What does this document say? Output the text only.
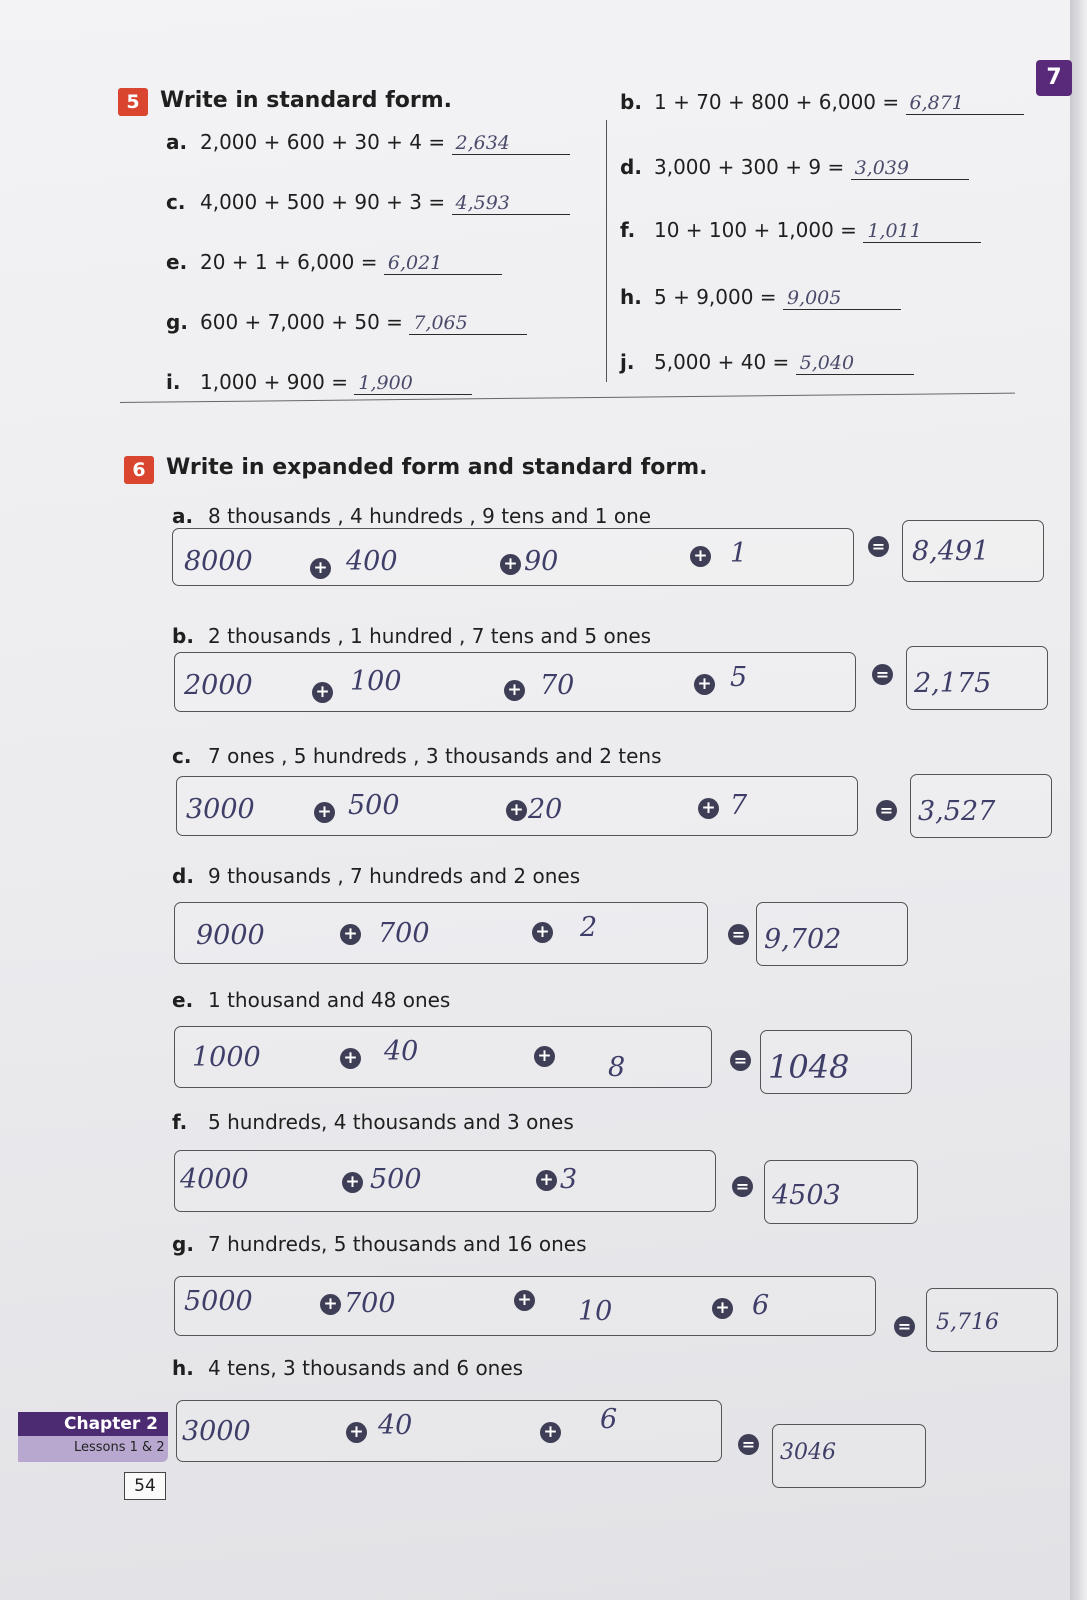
7
5 Write in standard form.
a. 2,000 + 600 + 30 + 4 = 2,634
b. 1 + 70 + 800 + 6,000 = 6,871
c. 4,000 + 500 + 90 + 3 = 4,593
d. 3,000 + 300 + 9 = 3,039
e. 20 + 1 + 6,000 = 6,021
f. 10 + 100 + 1,000 = 1,011
g. 600 + 7,000 + 50 = 7,065
h. 5 + 9,000 = 9,005
i. 1,000 + 900 = 1,900
j. 5,000 + 40 = 5,040
6 Write in expanded form and standard form.
a. 8 thousands , 4 hundreds , 9 tens and 1 one
8000	+ 400	+ 90	+ 1	= 8,491
b. 2 thousands , 1 hundred , 7 tens and 5 ones
2000	+ 100	+ 70	+ 5	= 2,175
c. 7 ones , 5 hundreds , 3 thousands and 2 tens
3000	+ 500	+ 20	+ 7	= 3,527
d. 9 thousands , 7 hundreds and 2 ones
9000	+ 700	+ 2	= 9,702
e. 1 thousand and 48 ones
1000	+ 40	+ 8	= 1048
f. 5 hundreds, 4 thousands and 3 ones
4000	+ 500	+ 3	= 4503
g. 7 hundreds, 5 thousands and 16 ones
5000	+ 700	+ 10	+ 6
= 5,716
h. 4 tens, 3 thousands and 6 ones
3000	+ 40	+ 6
= 3046
Chapter 2
Lessons 1 & 2
54
